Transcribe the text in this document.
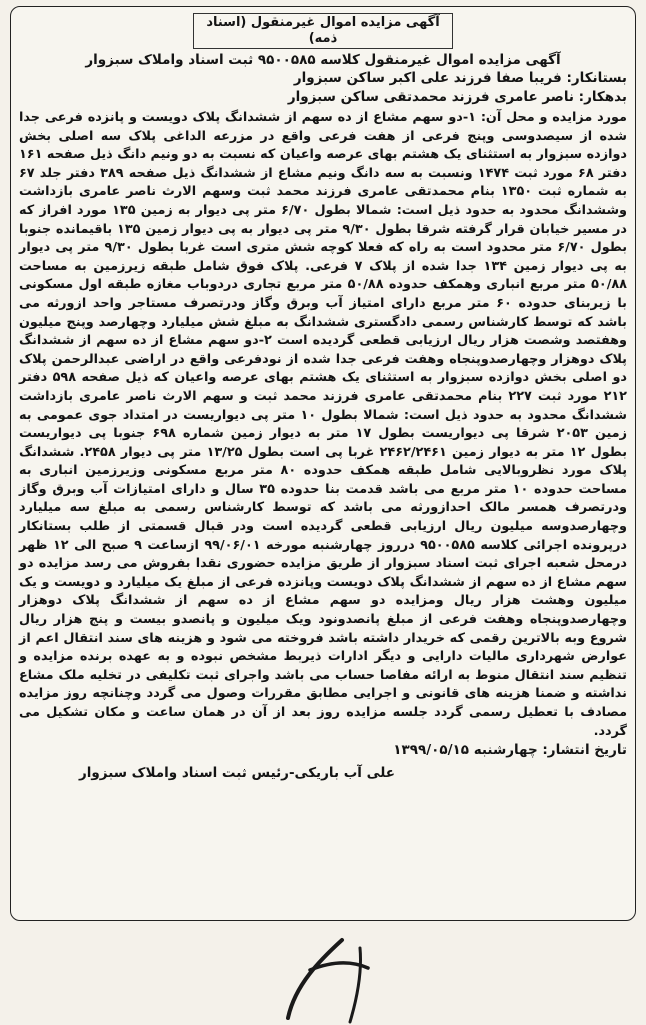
آگهی مزایده اموال غیرمنقول (اسناد ذمه)
آگهی مزایده اموال غیرمنقول کلاسه ۹۵۰۰۵۸۵ ثبت اسناد واملاک سبزوار
بستانکار: فریبا صفا فرزند علی اکبر ساکن سبزوار
بدهکار: ناصر عامری فرزند محمدتقی ساکن سبزوار
مورد مزایده و محل آن: ۱-دو سهم مشاع از ده سهم از ششدانگ پلاک دویست و پانزده فرعی جدا شده از سیصدوسی وپنج فرعی از هفت فرعی واقع در مزرعه الداغی پلاک سه اصلی بخش دوازده سبزوار به استثنای یک هشتم بهای عرصه واعیان که نسبت به دو ونیم دانگ ذیل صفحه ۱۶۱ دفتر ۶۸ مورد ثبت ۱۴۷۴ ونسبت به سه دانگ ونیم مشاع از ششدانگ ذیل صفحه ۳۸۹ دفتر جلد ۶۷ به شماره ثبت ۱۳۵۰ بنام محمدتقی عامری فرزند محمد ثبت وسهم الارث ناصر عامری بازداشت وششدانگ محدود به حدود ذیل است: شمالا بطول ۶/۷۰ متر پی دیوار به زمین ۱۳۵ مورد افراز که در مسیر خیابان قرار گرفته شرقا بطول ۹/۳۰ متر پی دیوار به پی دیوار زمین ۱۳۵ باقیمانده جنوبا بطول ۶/۷۰ متر محدود است به راه که فعلا کوچه شش متری است غربا بطول ۹/۳۰ متر پی دیوار به پی دیوار زمین ۱۳۴ جدا شده از پلاک ۷ فرعی. پلاک فوق شامل طبقه زیرزمین به مساحت ۵۰/۸۸ متر مربع انباری وهمکف حدوده ۵۰/۸۸ متر مربع تجاری دردوباب مغازه طبقه اول مسکونی با زیربنای حدوده ۶۰ متر مربع دارای امتیاز آب وبرق وگاز ودرتصرف مستاجر واحد ازورثه می باشد که توسط کارشناس رسمی دادگستری ششدانگ به مبلغ شش میلیارد وچهارصد وپنج میلیون وهفتصد وشصت هزار ریال ارزیابی قطعی گردیده است ۲-دو سهم مشاع از ده سهم از ششدانگ پلاک دوهزار وچهارصدوپنجاه وهفت فرعی جدا شده از نودفرعی واقع در اراضی عبدالرحمن پلاک دو اصلی بخش دوازده سبزوار به استثنای یک هشتم بهای عرصه واعیان که ذیل صفحه ۵۹۸ دفتر ۲۱۲ مورد ثبت ۲۲۷ بنام محمدتقی عامری فرزند محمد ثبت و سهم الارث ناصر عامری بازداشت ششدانگ محدود به حدود ذیل است: شمالا بطول ۱۰ متر پی دیواریست در امتداد جوی عمومی به زمین ۲۰۵۳ شرقا پی دیواریست بطول ۱۷ متر به دیوار زمین شماره ۶۹۸ جنوبا پی دیواریست بطول ۱۲ متر به دیوار زمین ۲۴۶۲/۲۴۶۱ غربا پی است بطول ۱۳/۲۵ متر پی دیوار ۲۴۵۸. ششدانگ پلاک مورد نظروبالایی شامل طبقه همکف حدوده ۸۰ متر مربع مسکونی وزیرزمین انباری به مساحت حدوده ۱۰ متر مربع می باشد قدمت بنا حدوده ۳۵ سال و دارای امتیازات آب وبرق وگاز ودرتصرف همسر مالک احدازورثه می باشد که توسط کارشناس رسمی به مبلغ سه میلیارد وچهارصدوسه میلیون ریال ارزیابی قطعی گردیده است ودر قبال قسمتی از طلب بستانکار درپرونده اجرائی کلاسه ۹۵۰۰۵۸۵ درروز چهارشنبه مورخه ۹۹/۰۶/۰۱ ازساعت ۹ صبح الی ۱۲ ظهر درمحل شعبه اجرای ثبت اسناد سبزوار از طریق مزایده حضوری نقدا بفروش می رسد مزایده دو سهم مشاع از ده سهم از ششدانگ پلاک دویست وپانزده فرعی از مبلغ یک میلیارد و دویست و یک میلیون وهشت هزار ریال ومزایده دو سهم مشاع از ده سهم از ششدانگ پلاک دوهزار وچهارصدوپنجاه وهفت فرعی از مبلغ پانصدونود ویک میلیون و پانصدو بیست و پنج هزار ریال شروع وبه بالاترین رقمی که خریدار داشته باشد فروخته می شود و هزینه های سند انتقال اعم از عوارض شهرداری مالیات دارایی و دیگر ادارات ذیربط مشخص نبوده و به عهده برنده مزایده و تنظیم سند انتقال منوط به ارائه مفاصا حساب می باشد واجرای ثبت تکلیفی در تخلیه ملک مشاع نداشته و ضمنا هزینه های قانونی و اجرایی مطابق مقررات وصول می گردد وچنانچه روز مزایده مصادف با تعطیل رسمی گردد جلسه مزایده روز بعد از آن در همان ساعت و مکان تشکیل می گردد.
تاریخ انتشار: چهارشنبه ۱۳۹۹/۰۵/۱۵
علی آب باریکی-رئیس ثبت اسناد واملاک سبزوار
